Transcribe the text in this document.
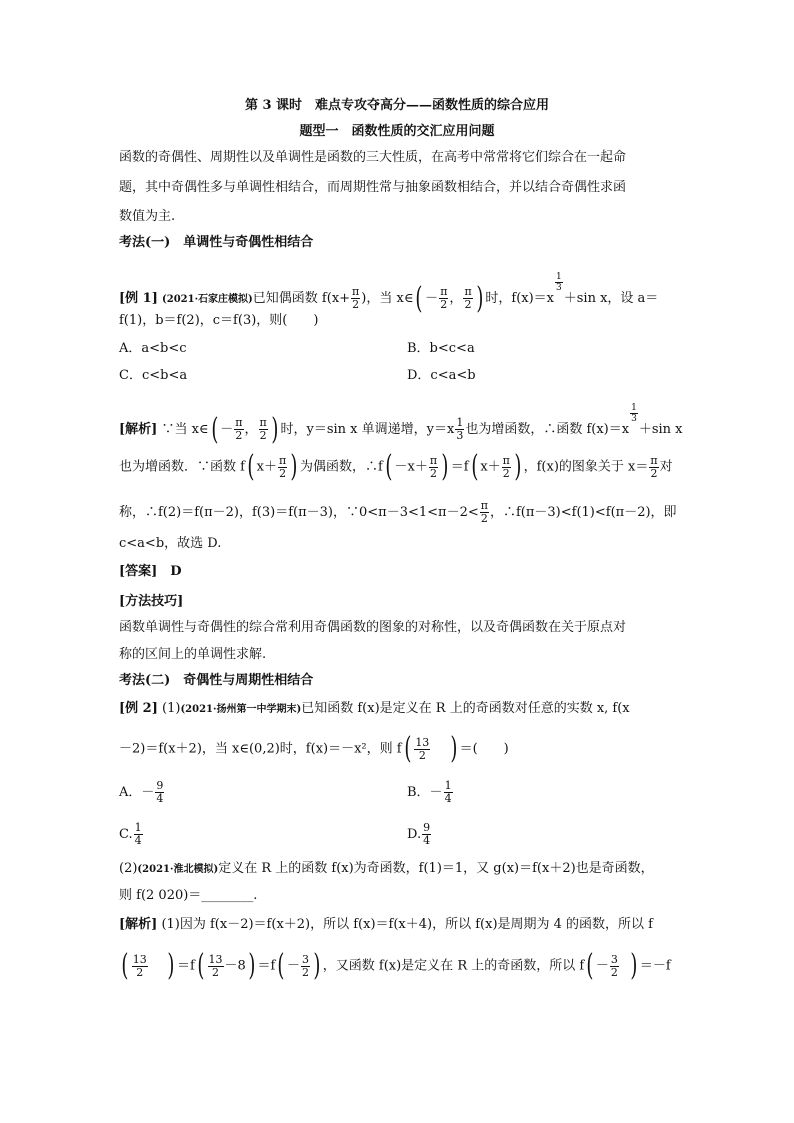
第 3 课时　难点专攻夺高分——函数性质的综合应用
题型一　函数性质的交汇应用问题
函数的奇偶性、周期性以及单调性是函数的三大性质，在高考中常常将它们综合在一起命
题，其中奇偶性多与单调性相结合，而周期性常与抽象函数相结合，并以结合奇偶性求函
数值为主.
考法(一)　单调性与奇偶性相结合
[例 1] (2021·石家庄模拟)已知偶函数 $f(x+ \frac{\pi}{2}$ )，当 x∈( － $\frac{\pi}{2}$ ， $\frac{\pi}{2}$ ) 时，f(x)＝x
$\frac{1}{3}$
＋sin x，设 a＝
f(1)，b＝f(2)，c＝f(3)，则(　　)
A．a<b<c	B．b<c<a
C．c<b<a	D．c<a<b
[解析] ∵当 x∈( － $\frac{\pi}{2}$ ， $\frac{\pi}{2}$ ) 时，y＝sin x 单调递增，$y=x \frac{1}{3}$ 也为增函数，∴函数 f(x)＝x
$\frac{1}{3}$
＋sin x
也为增函数．∵函数 f( $x+ \frac{\pi}{2}$ ) 为偶函数，∴f( $-x+ \frac{\pi}{2}$ ) ＝f( $x+ \frac{\pi}{2}$ ) ，f(x)的图象关于 $x= \frac{\pi}{2}$ 对
称，∴f(2)＝f(π－2)，f(3)＝f(π－3)，∵0<π－3<1<π－2< $\frac{\pi}{2}$ ，∴f(π－3)<f(1)<f(π－2)，即
c<a<b，故选 D.
[答案]　D
[方法技巧]
函数单调性与奇偶性的综合常利用奇偶函数的图象的对称性，以及奇偶函数在关于原点对
称的区间上的单调性求解.
考法(二)　奇偶性与周期性相结合
[例 2] (1)(2021·扬州第一中学期末)已知函数 f(x)是定义在 R 上的奇函数对任意的实数 x, f(x
－2)＝f(x＋2)，当 x∈(0,2)时，f(x)＝－x²，则 $f( \frac{13}{2}$ ) ＝(　　)
A．－ $\frac{9}{4}$	B．－ $\frac{1}{4}$
C. $\frac{1}{4}$	D. $\frac{9}{4}$
(2)(2021·淮北模拟)定义在 R 上的函数 f(x)为奇函数，f(1)＝1，又 g(x)＝f(x＋2)也是奇函数，
则 f(2 020)＝________.
[解析] (1)因为 f(x－2)＝f(x＋2)，所以 f(x)＝f(x＋4)，所以 f(x)是周期为 4 的函数，所以 f
( $\frac{13}{2}$ ) $=f( \frac{13}{2} -8) =f( - \frac{3}{2}$ ) ，又函数 f(x)是定义在 R 上的奇函数，所以 $f( - \frac{3}{2}$ ) ＝－f
